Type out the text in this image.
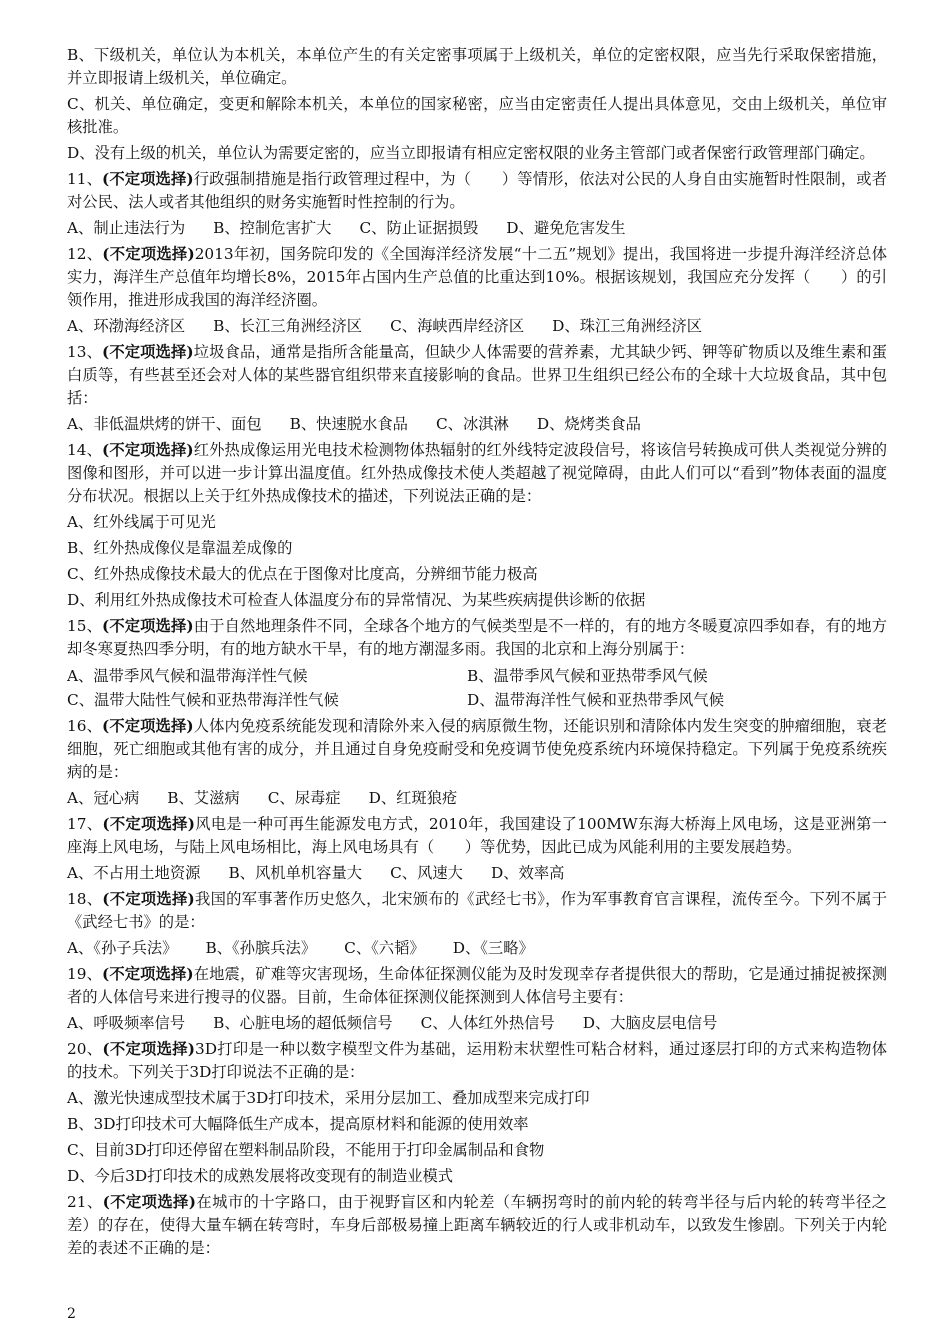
B、下级机关，单位认为本机关，本单位产生的有关定密事项属于上级机关，单位的定密权限，应当先行采取保密措施，并立即报请上级机关，单位确定。

C、机关、单位确定，变更和解除本机关，本单位的国家秘密，应当由定密责任人提出具体意见，交由上级机关，单位审核批准。

D、没有上级的机关，单位认为需要定密的，应当立即报请有相应定密权限的业务主管部门或者保密行政管理部门确定。

11、(不定项选择)行政强制措施是指行政管理过程中，为（　　）等情形，依法对公民的人身自由实施暂时性限制，或者对公民、法人或者其他组织的财务实施暂时性控制的行为。

A、制止违法行为 B、控制危害扩大 C、防止证据损毁 D、避免危害发生

12、(不定项选择)2013年初，国务院印发的《全国海洋经济发展“十二五”规划》提出，我国将进一步提升海洋经济总体实力，海洋生产总值年均增长8%，2015年占国内生产总值的比重达到10%。根据该规划，我国应充分发挥（　　）的引领作用，推进形成我国的海洋经济圈。

A、环渤海经济区 B、长江三角洲经济区 C、海峡西岸经济区 D、珠江三角洲经济区

13、(不定项选择)垃圾食品，通常是指所含能量高，但缺少人体需要的营养素，尤其缺少钙、钾等矿物质以及维生素和蛋白质等，有些甚至还会对人体的某些器官组织带来直接影响的食品。世界卫生组织已经公布的全球十大垃圾食品，其中包括：

A、非低温烘烤的饼干、面包 B、快速脱水食品 C、冰淇淋 D、烧烤类食品

14、(不定项选择)红外热成像运用光电技术检测物体热辐射的红外线特定波段信号，将该信号转换成可供人类视觉分辨的图像和图形，并可以进一步计算出温度值。红外热成像技术使人类超越了视觉障碍，由此人们可以“看到”物体表面的温度分布状况。根据以上关于红外热成像技术的描述，下列说法正确的是：

A、红外线属于可见光

B、红外热成像仪是靠温差成像的

C、红外热成像技术最大的优点在于图像对比度高，分辨细节能力极高

D、利用红外热成像技术可检查人体温度分布的异常情况、为某些疾病提供诊断的依据

15、(不定项选择)由于自然地理条件不同，全球各个地方的气候类型是不一样的，有的地方冬暖夏凉四季如春，有的地方却冬寒夏热四季分明，有的地方缺水干旱，有的地方潮湿多雨。我国的北京和上海分别属于：

A、温带季风气候和温带海洋性气候	B、温带季风气候和亚热带季风气候
C、温带大陆性气候和亚热带海洋性气候	D、温带海洋性气候和亚热带季风气候

16、(不定项选择)人体内免疫系统能发现和清除外来入侵的病原微生物，还能识别和清除体内发生突变的肿瘤细胞，衰老细胞，死亡细胞或其他有害的成分，并且通过自身免疫耐受和免疫调节使免疫系统内环境保持稳定。下列属于免疫系统疾病的是：

A、冠心病 B、艾滋病 C、尿毒症 D、红斑狼疮

17、(不定项选择)风电是一种可再生能源发电方式，2010年，我国建设了100MW东海大桥海上风电场，这是亚洲第一座海上风电场，与陆上风电场相比，海上风电场具有（　　）等优势，因此已成为风能利用的主要发展趋势。

A、不占用土地资源 B、风机单机容量大 C、风速大 D、效率高

18、(不定项选择)我国的军事著作历史悠久，北宋颁布的《武经七书》，作为军事教育官言课程，流传至今。下列不属于《武经七书》的是：

A、《孙子兵法》 B、《孙膑兵法》 C、《六韬》 D、《三略》

19、(不定项选择)在地震，矿难等灾害现场，生命体征探测仪能为及时发现幸存者提供很大的帮助，它是通过捕捉被探测者的人体信号来进行搜寻的仪器。目前，生命体征探测仪能探测到人体信号主要有：

A、呼吸频率信号 B、心脏电场的超低频信号 C、人体红外热信号 D、大脑皮层电信号

20、(不定项选择)3D打印是一种以数字模型文件为基础，运用粉末状塑性可粘合材料，通过逐层打印的方式来构造物体的技术。下列关于3D打印说法不正确的是：

A、激光快速成型技术属于3D打印技术，采用分层加工、叠加成型来完成打印

B、3D打印技术可大幅降低生产成本，提高原材料和能源的使用效率

C、目前3D打印还停留在塑料制品阶段，不能用于打印金属制品和食物

D、今后3D打印技术的成熟发展将改变现有的制造业模式

21、(不定项选择)在城市的十字路口，由于视野盲区和内轮差（车辆拐弯时的前内轮的转弯半径与后内轮的转弯半径之差）的存在，使得大量车辆在转弯时，车身后部极易撞上距离车辆较近的行人或非机动车，以致发生惨剧。下列关于内轮差的表述不正确的是：

2
